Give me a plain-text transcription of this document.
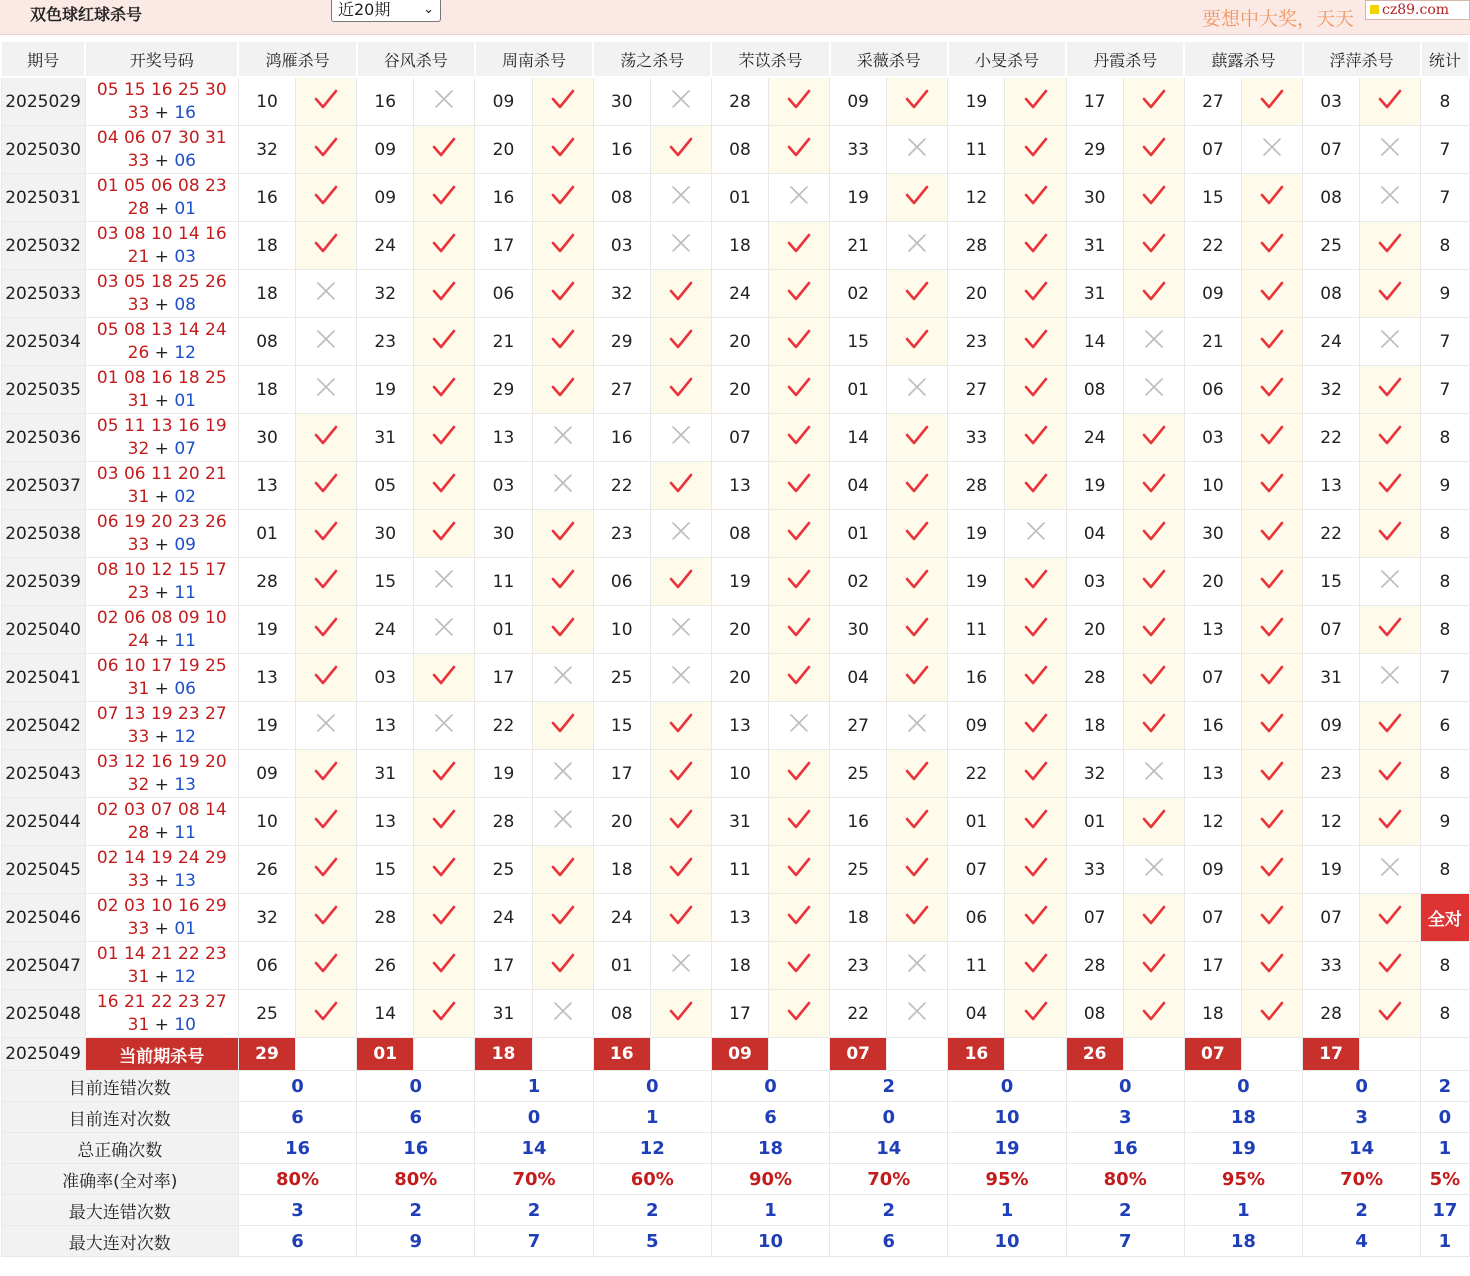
双色球红球杀号	近20期	⌄	要想中大奖，天天	cz89.com
期号	开奖号码	鸿雁杀号		谷风杀号		周南杀号		荡之杀号		芣苡杀号		采薇杀号		小旻杀号		丹霞杀号		蕻露杀号		浮萍杀号		统计
2025029	05 15 16 25 30
33 + 16	10		16		09		30		28		09		19		17		27		03		8
2025030	04 06 07 30 31
33 + 06	32		09		20		16		08		33		11		29		07		07		7
2025031	01 05 06 08 23
28 + 01	16		09		16		08		01		19		12		30		15		08		7
2025032	03 08 10 14 16
21 + 03	18		24		17		03		18		21		28		31		22		25		8
2025033	03 05 18 25 26
33 + 08	18		32		06		32		24		02		20		31		09		08		9
2025034	05 08 13 14 24
26 + 12	08		23		21		29		20		15		23		14		21		24		7
2025035	01 08 16 18 25
31 + 01	18		19		29		27		20		01		27		08		06		32		7
2025036	05 11 13 16 19
32 + 07	30		31		13		16		07		14		33		24		03		22		8
2025037	03 06 11 20 21
31 + 02	13		05		03		22		13		04		28		19		10		13		9
2025038	06 19 20 23 26
33 + 09	01		30		30		23		08		01		19		04		30		22		8
2025039	08 10 12 15 17
23 + 11	28		15		11		06		19		02		19		03		20		15		8
2025040	02 06 08 09 10
24 + 11	19		24		01		10		20		30		11		20		13		07		8
2025041	06 10 17 19 25
31 + 06	13		03		17		25		20		04		16		28		07		31		7
2025042	07 13 19 23 27
33 + 12	19		13		22		15		13		27		09		18		16		09		6
2025043	03 12 16 19 20
32 + 13	09		31		19		17		10		25		22		32		13		23		8
2025044	02 03 07 08 14
28 + 11	10		13		28		20		31		16		01		01		12		12		9
2025045	02 14 19 24 29
33 + 13	26		15		25		18		11		25		07		33		09		19		8
2025046	02 03 10 16 29
33 + 01	32		28		24		24		13		18		06		07		07		07		全对
2025047	01 14 21 22 23
31 + 12	06		26		17		01		18		23		11		28		17		33		8
2025048	16 21 22 23 27
31 + 10	25		14		31		08		17		22		04		08		18		28		8
2025049	当前期杀号	29		01		18		16		09		07		16		26		07		17		
目前连错次数		0		0		1		0		0		2		0		0		0		0		2
目前连对次数		6		6		0		1		6		0		10		3		18		3		0
总正确次数		16		16		14		12		18		14		19		16		19		14		1
准确率(全对率)		80%		80%		70%		60%		90%		70%		95%		80%		95%		70%		5%
最大连错次数		3		2		2		2		1		2		1		2		1		2		17
最大连对次数		6		9		7		5		10		6		10		7		18		4		1
